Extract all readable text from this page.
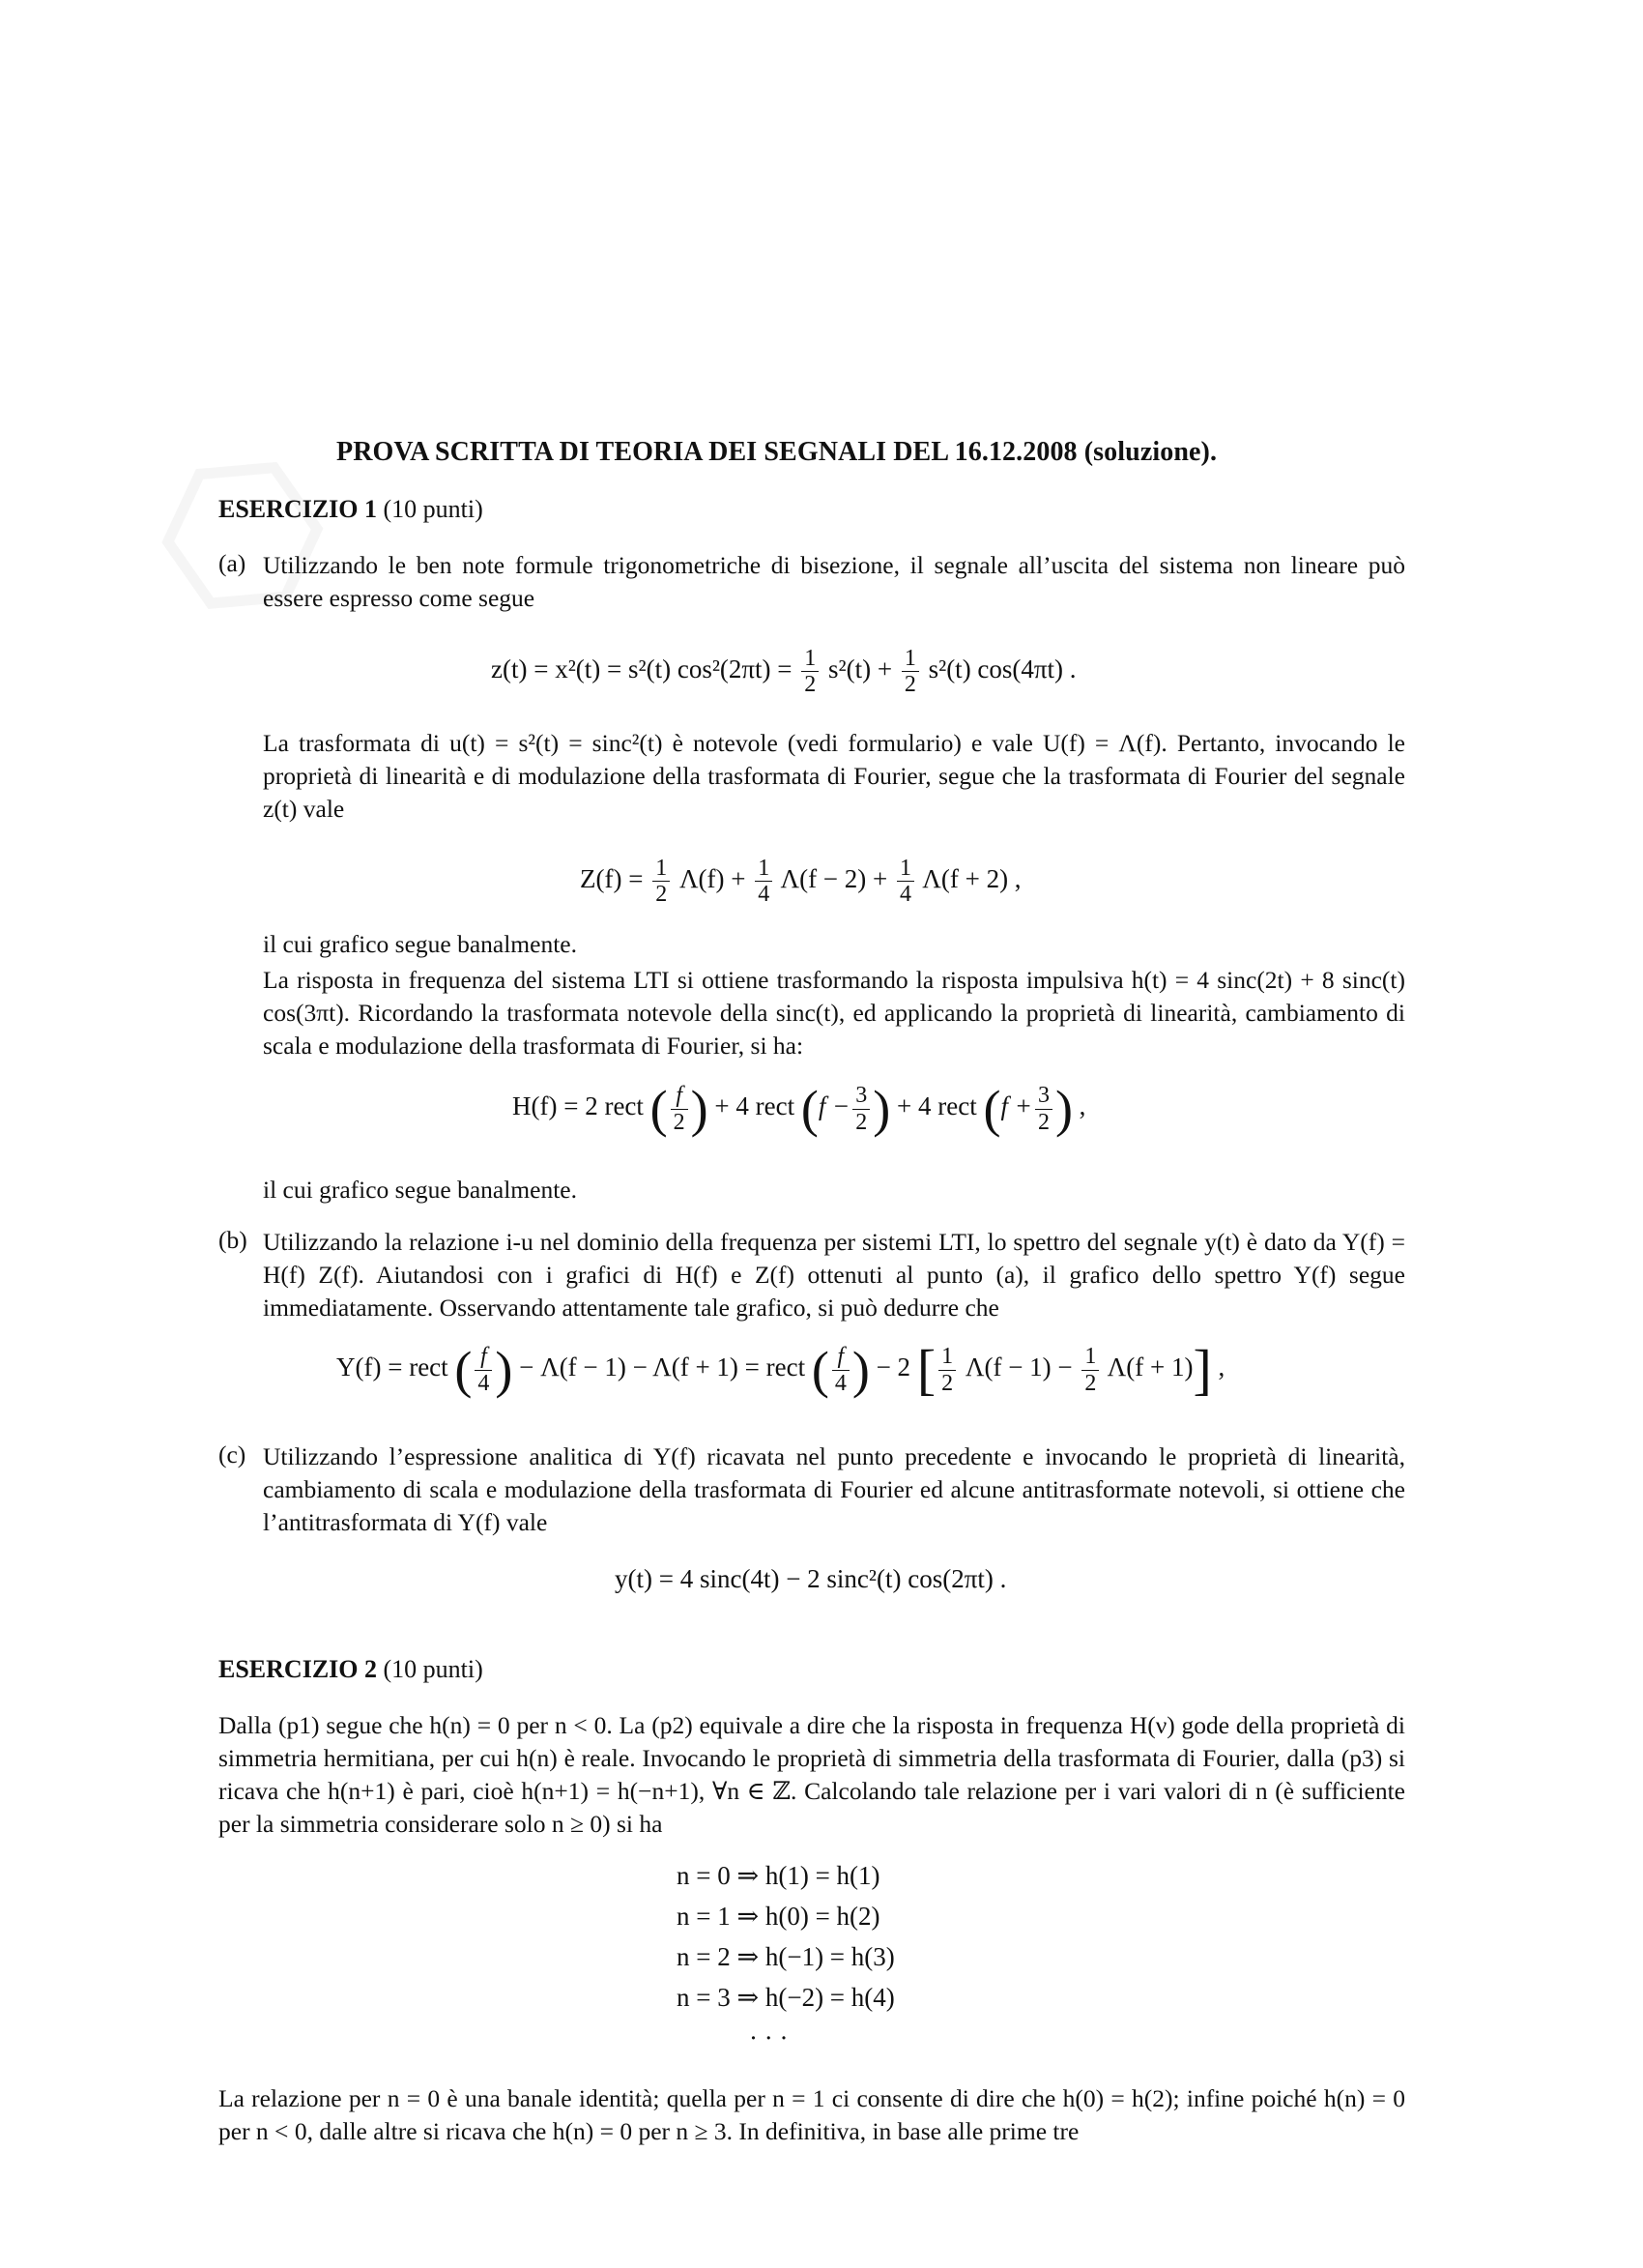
PROVA SCRITTA DI TEORIA DEI SEGNALI DEL 16.12.2008 (soluzione).
ESERCIZIO 1 (10 punti)
(a) Utilizzando le ben note formule trigonometriche di bisezione, il segnale all’uscita del sistema non lineare può essere espresso come segue

z(t) = x²(t) = s²(t) $\cos^2(2\pi t) = \frac{1}{2} s^2(t) + \frac{1}{2} s^2(t)$ cos(4πt) .

La trasformata di u(t) = s²(t) = sinc²(t) è notevole (vedi formulario) e vale U(f) = Λ(f). Pertanto, invocando le proprietà di linearità e di modulazione della trasformata di Fourier, segue che la trasformata di Fourier del segnale z(t) vale

$Z(f) = \frac{1}{2} \Lambda(f) + \frac{1}{4} \Lambda(f - 2) + \frac{1}{4} \Lambda(f + 2)$ ,

il cui grafico segue banalmente.

La risposta in frequenza del sistema LTI si ottiene trasformando la risposta impulsiva h(t) = 4 sinc(2t) + 8 sinc(t) cos(3πt). Ricordando la trasformata notevole della sinc(t), ed applicando la proprietà di linearità, cambiamento di scala e modulazione della trasformata di Fourier, si ha:

H(f) = 2 rect ( $\frac{f}{2}$ ) + 4 rect ($f - \frac{3}{2}$ ) + 4 rect ($f + \frac{3}{2}$ ) ,

il cui grafico segue banalmente.

(b) Utilizzando la relazione i-u nel dominio della frequenza per sistemi LTI, lo spettro del segnale y(t) è dato da Y(f) = H(f) Z(f). Aiutandosi con i grafici di H(f) e Z(f) ottenuti al punto (a), il grafico dello spettro Y(f) segue immediatamente. Osservando attentamente tale grafico, si può dedurre che

Y(f) = rect ( $\frac{f}{4}$ ) − Λ(f − 1) − Λ(f + 1) = rect ( $\frac{f}{4}$ ) − 2 [ $\frac{1}{2} \Lambda(f - 1) - \frac{1}{2} \Lambda(f + 1)$] ,
(c) Utilizzando l’espressione analitica di Y(f) ricavata nel punto precedente e invocando le proprietà di linearità, cambiamento di scala e modulazione della trasformata di Fourier ed alcune antitrasformate notevoli, si ottiene che l’antitrasformata di Y(f) vale

y(t) = 4 sinc(4t) − 2 sinc²(t) cos(2πt) .
ESERCIZIO 2 (10 punti)

Dalla (p1) segue che h(n) = 0 per n < 0. La (p2) equivale a dire che la risposta in frequenza H(ν) gode della proprietà di simmetria hermitiana, per cui h(n) è reale. Invocando le proprietà di simmetria della trasformata di Fourier, dalla (p3) si ricava che h(n+1) è pari, cioè h(n+1) = h(−n+1), ∀n ∈ ℤ. Calcolando tale relazione per i vari valori di n (è sufficiente per la simmetria considerare solo n ≥ 0) si ha

n = 0 ⇒ h(1) = h(1)
n = 1 ⇒ h(0) = h(2)
n = 2 ⇒ h(−1) = h(3)
n = 3 ⇒ h(−2) = h(4)
· · ·

La relazione per n = 0 è una banale identità; quella per n = 1 ci consente di dire che h(0) = h(2); infine poiché h(n) = 0 per n < 0, dalle altre si ricava che h(n) = 0 per n ≥ 3. In definitiva, in base alle prime tre
